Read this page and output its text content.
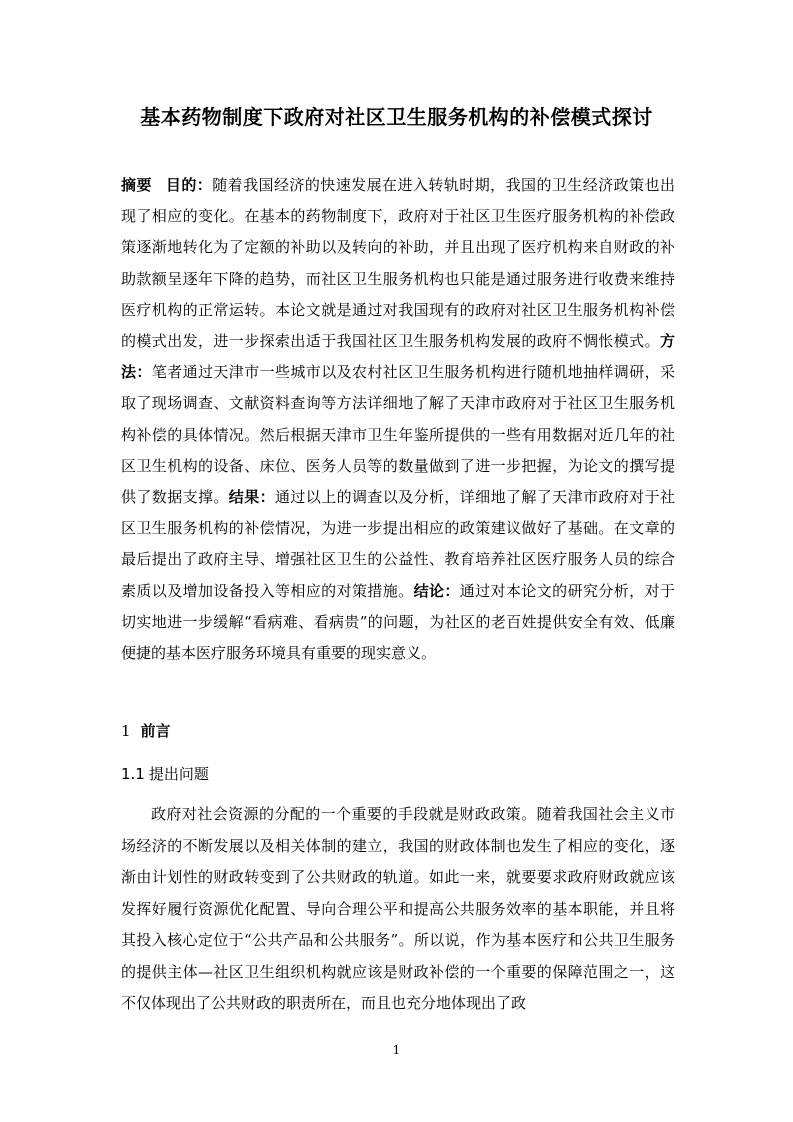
基本药物制度下政府对社区卫生服务机构的补偿模式探讨

摘要 目的：随着我国经济的快速发展在进入转轨时期，我国的卫生经济政策也出现了相应的变化。在基本的药物制度下，政府对于社区卫生医疗服务机构的补偿政策逐渐地转化为了定额的补助以及转向的补助，并且出现了医疗机构来自财政的补助款额呈逐年下降的趋势，而社区卫生服务机构也只能是通过服务进行收费来维持医疗机构的正常运转。本论文就是通过对我国现有的政府对社区卫生服务机构补偿的模式出发，进一步探索出适于我国社区卫生服务机构发展的政府不惆怅模式。方法：笔者通过天津市一些城市以及农村社区卫生服务机构进行随机地抽样调研，采取了现场调查、文献资料查询等方法详细地了解了天津市政府对于社区卫生服务机构补偿的具体情况。然后根据天津市卫生年鉴所提供的一些有用数据对近几年的社区卫生机构的设备、床位、医务人员等的数量做到了进一步把握，为论文的撰写提供了数据支撑。结果：通过以上的调查以及分析，详细地了解了天津市政府对于社区卫生服务机构的补偿情况，为进一步提出相应的政策建议做好了基础。在文章的最后提出了政府主导、增强社区卫生的公益性、教育培养社区医疗服务人员的综合素质以及增加设备投入等相应的对策措施。结论：通过对本论文的研究分析，对于切实地进一步缓解“看病难、看病贵”的问题，为社区的老百姓提供安全有效、低廉便捷的基本医疗服务环境具有重要的现实意义。

1 前言
1.1 提出问题

政府对社会资源的分配的一个重要的手段就是财政政策。随着我国社会主义市场经济的不断发展以及相关体制的建立，我国的财政体制也发生了相应的变化，逐渐由计划性的财政转变到了公共财政的轨道。如此一来，就要要求政府财政就应该发挥好履行资源优化配置、导向合理公平和提高公共服务效率的基本职能，并且将其投入核心定位于“公共产品和公共服务”。所以说，作为基本医疗和公共卫生服务的提供主体—社区卫生组织机构就应该是财政补偿的一个重要的保障范围之一，这不仅体现出了公共财政的职责所在，而且也充分地体现出了政

1
